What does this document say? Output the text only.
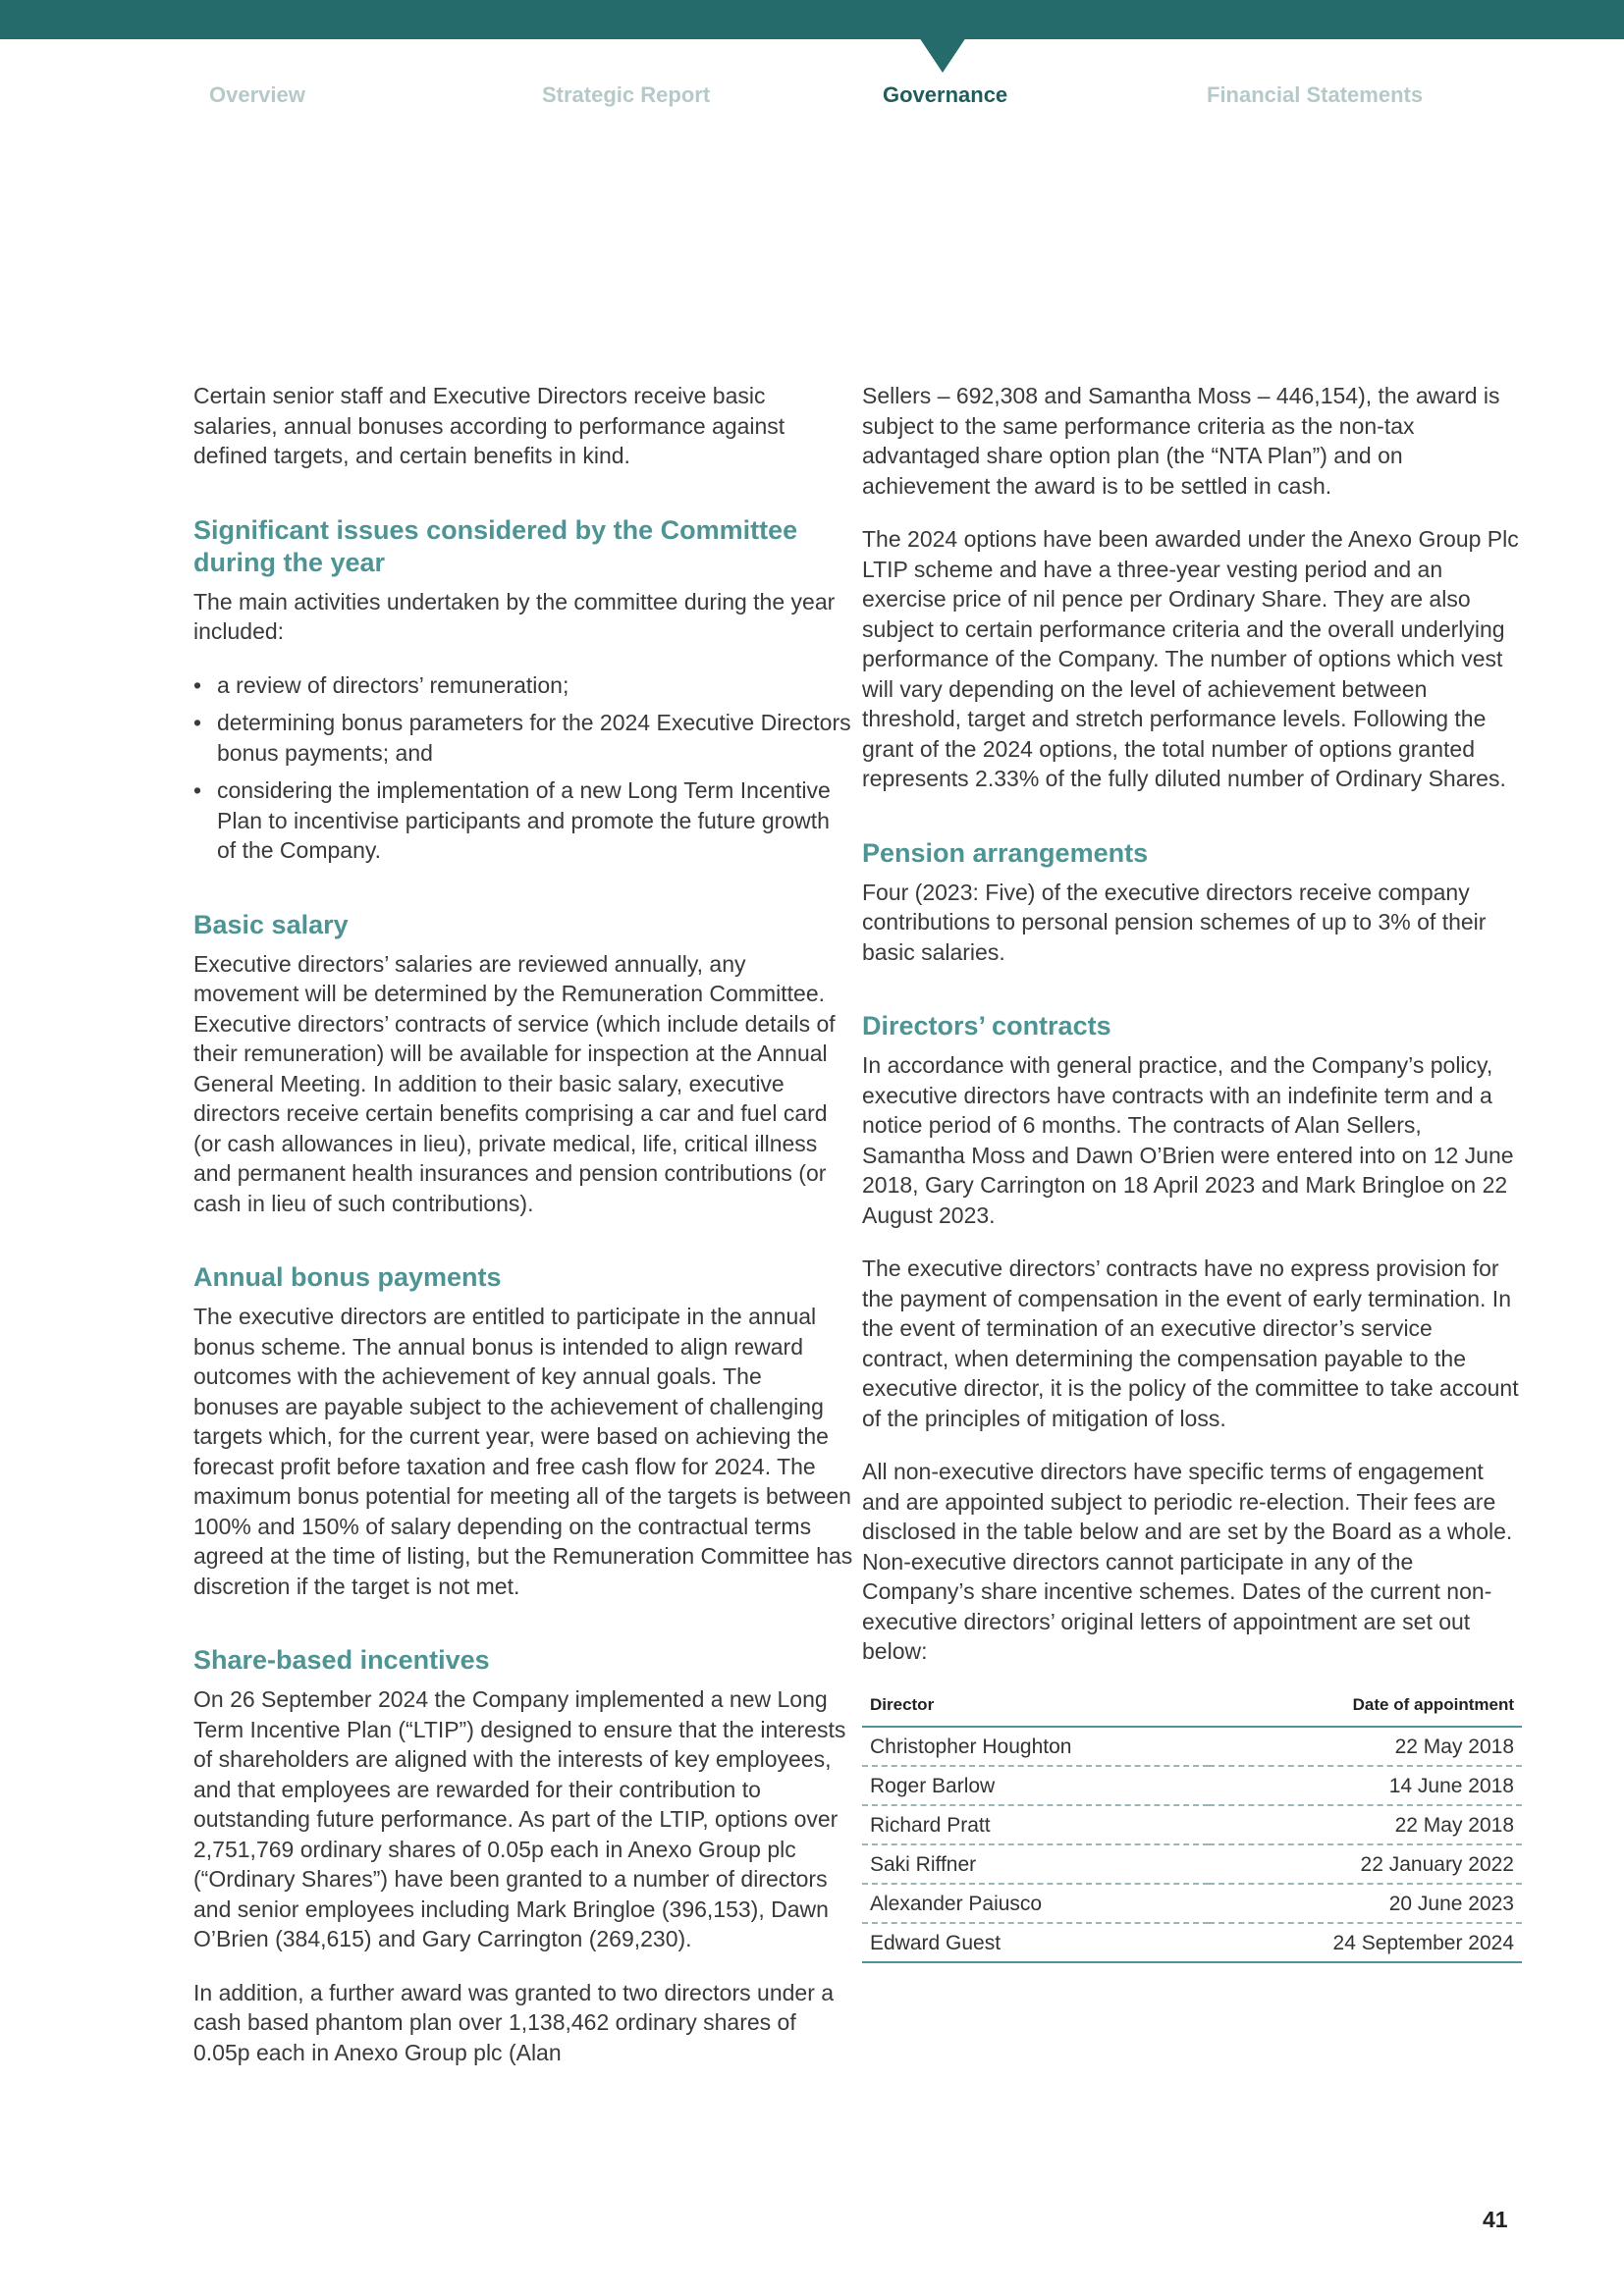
Overview	Strategic Report	Governance	Financial Statements

Certain senior staff and Executive Directors receive basic salaries, annual bonuses according to performance against defined targets, and certain benefits in kind.

Significant issues considered by the Committee during the year

The main activities undertaken by the committee during the year included:

• a review of directors’ remuneration;
• determining bonus parameters for the 2024 Executive Directors bonus payments; and
• considering the implementation of a new Long Term Incentive Plan to incentivise participants and promote the future growth of the Company.
Basic salary

Executive directors’ salaries are reviewed annually, any movement will be determined by the Remuneration Committee. Executive directors’ contracts of service (which include details of their remuneration) will be available for inspection at the Annual General Meeting. In addition to their basic salary, executive directors receive certain benefits comprising a car and fuel card (or cash allowances in lieu), private medical, life, critical illness and permanent health insurances and pension contributions (or cash in lieu of such contributions).

Annual bonus payments

The executive directors are entitled to participate in the annual bonus scheme. The annual bonus is intended to align reward outcomes with the achievement of key annual goals. The bonuses are payable subject to the achievement of challenging targets which, for the current year, were based on achieving the forecast profit before taxation and free cash flow for 2024. The maximum bonus potential for meeting all of the targets is between 100% and 150% of salary depending on the contractual terms agreed at the time of listing, but the Remuneration Committee has discretion if the target is not met.

Share-based incentives

On 26 September 2024 the Company implemented a new Long Term Incentive Plan (“LTIP”) designed to ensure that the interests of shareholders are aligned with the interests of key employees, and that employees are rewarded for their contribution to outstanding future performance. As part of the LTIP, options over 2,751,769 ordinary shares of 0.05p each in Anexo Group plc (“Ordinary Shares”) have been granted to a number of directors and senior employees including Mark Bringloe (396,153), Dawn O’Brien (384,615) and Gary Carrington (269,230).

In addition, a further award was granted to two directors under a cash based phantom plan over 1,138,462 ordinary shares of 0.05p each in Anexo Group plc (Alan

Sellers – 692,308 and Samantha Moss – 446,154), the award is subject to the same performance criteria as the non-tax advantaged share option plan (the “NTA Plan”) and on achievement the award is to be settled in cash.

The 2024 options have been awarded under the Anexo Group Plc LTIP scheme and have a three-year vesting period and an exercise price of nil pence per Ordinary Share. They are also subject to certain performance criteria and the overall underlying performance of the Company. The number of options which vest will vary depending on the level of achievement between threshold, target and stretch performance levels. Following the grant of the 2024 options, the total number of options granted represents 2.33% of the fully diluted number of Ordinary Shares.

Pension arrangements

Four (2023: Five) of the executive directors receive company contributions to personal pension schemes of up to 3% of their basic salaries.

Directors’ contracts

In accordance with general practice, and the Company’s policy, executive directors have contracts with an indefinite term and a notice period of 6 months. The contracts of Alan Sellers, Samantha Moss and Dawn O’Brien were entered into on 12 June 2018, Gary Carrington on 18 April 2023 and Mark Bringloe on 22 August 2023.

The executive directors’ contracts have no express provision for the payment of compensation in the event of early termination. In the event of termination of an executive director’s service contract, when determining the compensation payable to the executive director, it is the policy of the committee to take account of the principles of mitigation of loss.

All non-executive directors have specific terms of engagement and are appointed subject to periodic re-election. Their fees are disclosed in the table below and are set by the Board as a whole. Non-executive directors cannot participate in any of the Company’s share incentive schemes. Dates of the current non-executive directors’ original letters of appointment are set out below:

Director	Date of appointment
Christopher Houghton	22 May 2018
Roger Barlow	14 June 2018
Richard Pratt	22 May 2018
Saki Riffner	22 January 2022
Alexander Paiusco	20 June 2023
Edward Guest	24 September 2024
41
